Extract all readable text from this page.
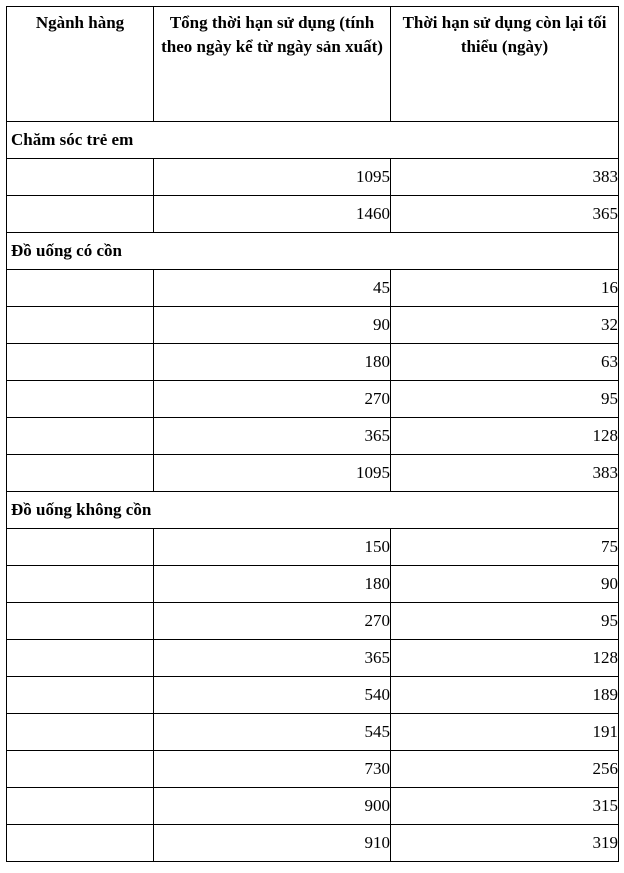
Ngành hàng	Tổng thời hạn sử dụng (tính theo ngày kể từ ngày sản xuất)	Thời hạn sử dụng còn lại tối thiểu (ngày)
Chăm sóc trẻ em		
	1095	383
	1460	365
Đồ uống có cồn		
	45	16
	90	32
	180	63
	270	95
	365	128
	1095	383
Đồ uống không cồn		
	150	75
	180	90
	270	95
	365	128
	540	189
	545	191
	730	256
	900	315
	910	319
